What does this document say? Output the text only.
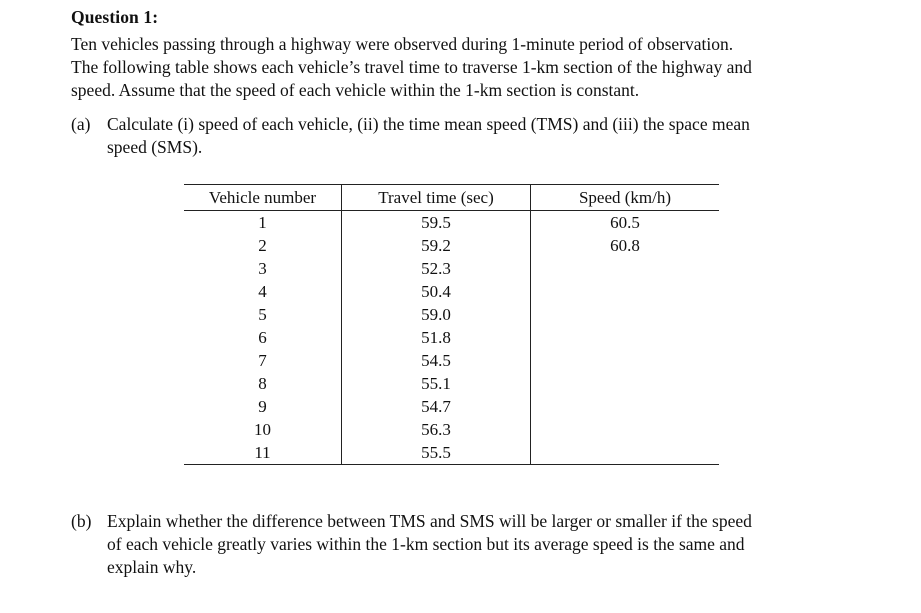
Question 1:
Ten vehicles passing through a highway were observed during 1-minute period of observation.
The following table shows each vehicle’s travel time to traverse 1-km section of the highway and
speed. Assume that the speed of each vehicle within the 1-km section is constant.
(a) Calculate (i) speed of each vehicle, (ii) the time mean speed (TMS) and (iii) the space mean
speed (SMS).
Vehicle number	Travel time (sec)	Speed (km/h)
1	59.5	60.5
2	59.2	60.8
3	52.3	
4	50.4	
5	59.0	
6	51.8	
7	54.5	
8	55.1	
9	54.7	
10	56.3	
11	55.5	
(b) Explain whether the difference between TMS and SMS will be larger or smaller if the speed
of each vehicle greatly varies within the 1-km section but its average speed is the same and
explain why.
